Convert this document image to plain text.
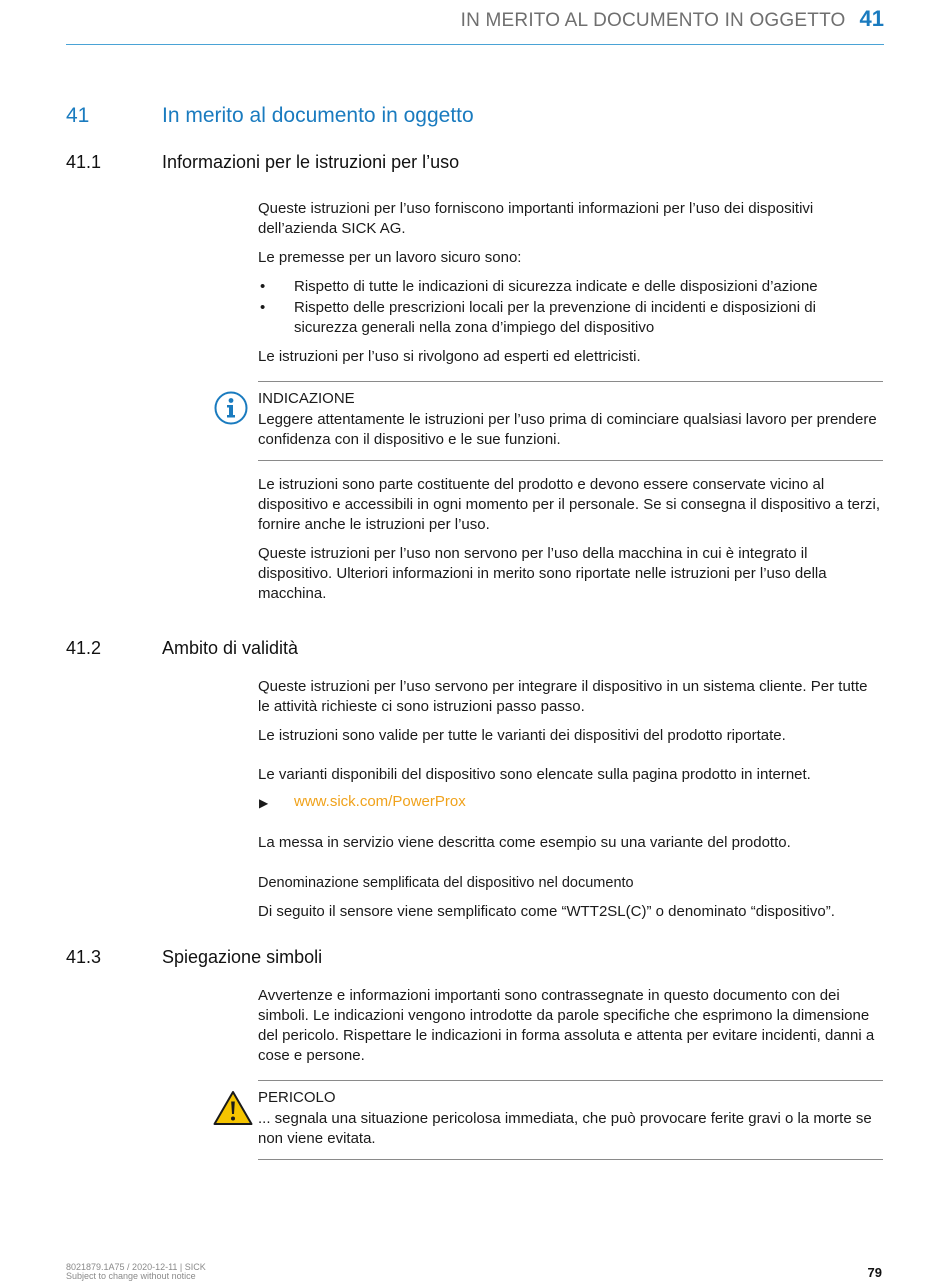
IN MERITO AL DOCUMENTO IN OGGETTO 41
41	In merito al documento in oggetto
41.1	Informazioni per le istruzioni per l’uso

Queste istruzioni per l’uso forniscono importanti informazioni per l’uso dei dispositivi dell’azienda SICK AG.

Le premesse per un lavoro sicuro sono:

• Rispetto di tutte le indicazioni di sicurezza indicate e delle disposizioni d’azione
• Rispetto delle prescrizioni locali per la prevenzione di incidenti e disposizioni di sicurezza generali nella zona d’impiego del dispositivo

Le istruzioni per l’uso si rivolgono ad esperti ed elettricisti.

INDICAZIONE

Leggere attentamente le istruzioni per l’uso prima di cominciare qualsiasi lavoro per prendere confidenza con il dispositivo e le sue funzioni.

Le istruzioni sono parte costituente del prodotto e devono essere conservate vicino al dispositivo e accessibili in ogni momento per il personale. Se si consegna il dispositivo a terzi, fornire anche le istruzioni per l’uso.

Queste istruzioni per l’uso non servono per l’uso della macchina in cui è integrato il dispositivo. Ulteriori informazioni in merito sono riportate nelle istruzioni per l’uso della macchina.

41.2	Ambito di validità

Queste istruzioni per l’uso servono per integrare il dispositivo in un sistema cliente. Per tutte le attività richieste ci sono istruzioni passo passo.

Le istruzioni sono valide per tutte le varianti dei dispositivi del prodotto riportate.

Le varianti disponibili del dispositivo sono elencate sulla pagina prodotto in internet.

▶ www.sick.com/PowerProx

La messa in servizio viene descritta come esempio su una variante del prodotto.

Denominazione semplificata del dispositivo nel documento

Di seguito il sensore viene semplificato come “WTT2SL(C)” o denominato “dispositivo”.

41.3	Spiegazione simboli

Avvertenze e informazioni importanti sono contrassegnate in questo documento con dei simboli. Le indicazioni vengono introdotte da parole specifiche che esprimono la dimensione del pericolo. Rispettare le indicazioni in forma assoluta e attenta per evitare incidenti, danni a cose e persone.

PERICOLO

... segnala una situazione pericolosa immediata, che può provocare ferite gravi o la morte se non viene evitata.

8021879.1A75 / 2020-12-11 | SICK
Subject to change without notice	79
